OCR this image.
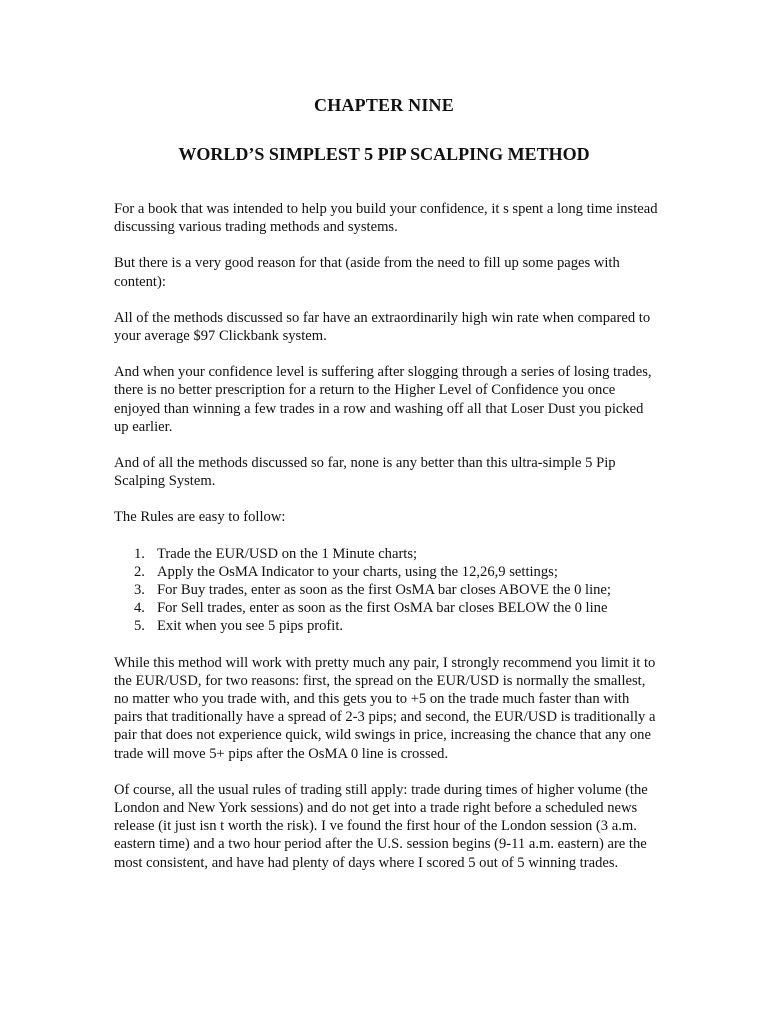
CHAPTER NINE
WORLD’S SIMPLEST 5 PIP SCALPING METHOD

For a book that was intended to help you build your confidence, it s spent a long time instead discussing various trading methods and systems.

But there is a very good reason for that (aside from the need to fill up some pages with content):

All of the methods discussed so far have an extraordinarily high win rate when compared to your average $97 Clickbank system.

And when your confidence level is suffering after slogging through a series of losing trades, there is no better prescription for a return to the Higher Level of Confidence you once enjoyed than winning a few trades in a row and washing off all that Loser Dust you picked up earlier.

And of all the methods discussed so far, none is any better than this ultra-simple 5 Pip Scalping System.

The Rules are easy to follow:

1. Trade the EUR/USD on the 1 Minute charts;
2. Apply the OsMA Indicator to your charts, using the 12,26,9 settings;
3. For Buy trades, enter as soon as the first OsMA bar closes ABOVE the 0 line;
4. For Sell trades, enter as soon as the first OsMA bar closes BELOW the 0 line
5. Exit when you see 5 pips profit.

While this method will work with pretty much any pair, I strongly recommend you limit it to the EUR/USD, for two reasons: first, the spread on the EUR/USD is normally the smallest, no matter who you trade with, and this gets you to +5 on the trade much faster than with pairs that traditionally have a spread of 2-3 pips; and second, the EUR/USD is traditionally a pair that does not experience quick, wild swings in price, increasing the chance that any one trade will move 5+ pips after the OsMA 0 line is crossed.

Of course, all the usual rules of trading still apply: trade during times of higher volume (the London and New York sessions) and do not get into a trade right before a scheduled news release (it just isn t worth the risk). I ve found the first hour of the London session (3 a.m. eastern time) and a two hour period after the U.S. session begins (9-11 a.m. eastern) are the most consistent, and have had plenty of days where I scored 5 out of 5 winning trades.
